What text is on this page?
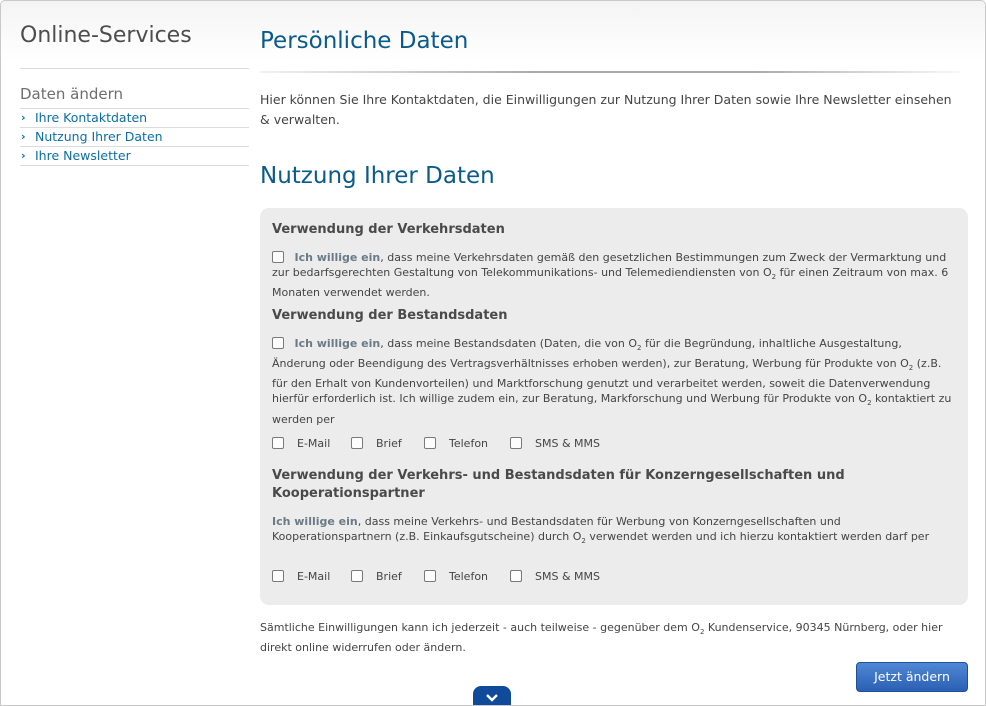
Online-Services
Daten ändern
› Ihre Kontaktdaten
› Nutzung Ihrer Daten
› Ihre Newsletter
Persönliche Daten
Hier können Sie Ihre Kontaktdaten, die Einwilligungen zur Nutzung Ihrer Daten sowie Ihre Newsletter einsehen & verwalten.
Nutzung Ihrer Daten
Verwendung der Verkehrsdaten
Ich willige ein, dass meine Verkehrsdaten gemäß den gesetzlichen Bestimmungen zum Zweck der Vermarktung und zur bedarfsgerechten Gestaltung von Telekommunikations- und Telemediendiensten von $O_2$ für einen Zeitraum von max. 6 Monaten verwendet werden.
Verwendung der Bestandsdaten
Ich willige ein, dass meine Bestandsdaten (Daten, die von $O_2$ für die Begründung, inhaltliche Ausgestaltung, Änderung oder Beendigung des Vertragsverhältnisses erhoben werden), zur Beratung, Werbung für Produkte von $O_2$ (z.B. für den Erhalt von Kundenvorteilen) und Marktforschung genutzt und verarbeitet werden, soweit die Datenverwendung hierfür erforderlich ist. Ich willige zudem ein, zur Beratung, Markforschung und Werbung für Produkte von $O_2$ kontaktiert zu werden per
E-Mail	Brief	Telefon	SMS & MMS
Verwendung der Verkehrs- und Bestandsdaten für Konzerngesellschaften und Kooperationspartner
Ich willige ein, dass meine Verkehrs- und Bestandsdaten für Werbung von Konzerngesellschaften und Kooperationspartnern (z.B. Einkaufsgutscheine) durch $O_2$ verwendet werden und ich hierzu kontaktiert werden darf per
E-Mail	Brief	Telefon	SMS & MMS
Sämtliche Einwilligungen kann ich jederzeit - auch teilweise - gegenüber dem $O_2$ Kundenservice, 90345 Nürnberg, oder hier direkt online widerrufen oder ändern.
Jetzt ändern
